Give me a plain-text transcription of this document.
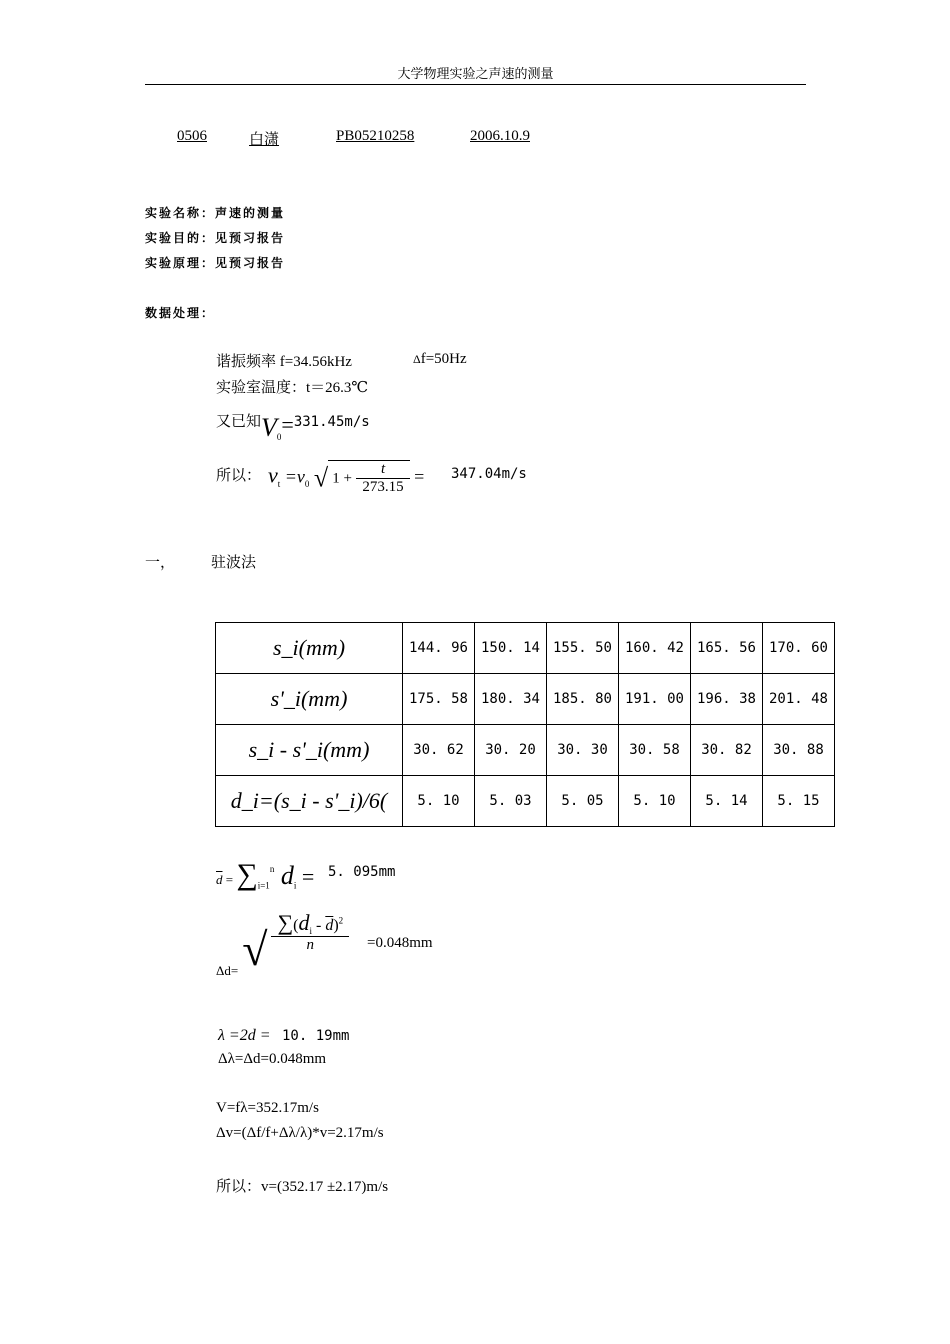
大学物理实验之声速的测量
0506	白潇	PB05210258	2006.10.9
实验名称：声速的测量
实验目的：见预习报告
实验原理：见预习报告
数据处理：
谐振频率 f=34.56kHz	Δf=50Hz
实验室温度：t＝26.3℃
又已知$V_0=331.45m/s$
所以： $v_t =v_0$ √ $1 + \frac{t}{273.15} = 347.04m/s$
一， 驻波法
s_i(mm)	144. 96	150. 14	155. 50	160. 42	165. 56	170. 60
s'_i(mm)	175. 58	180. 34	185. 80	191. 00	196. 38	201. 48
s_i - s'_i(mm)	30. 62	30. 20	30. 30	30. 58	30. 82	30. 88
d_i=(s_i - s'_i)/6(	5. 10	5. 03	5. 05	5. 10	5. 14	5. 15
$\overline{d} = \sum_{i=1}^n$ $d_i = 5$. 095mm
$_{\Delta d=}$ √ $\frac{\sum(d_i - \overline{d})^2}{n} =0.048mm$
λ =2d = 10. 19mm
Δλ=Δd=0.048mm
V=fλ=352.17m/s
Δv=(Δf/f+Δλ/λ)*v=2.17m/s
所以：v=(352.17 ±2.17)m/s
